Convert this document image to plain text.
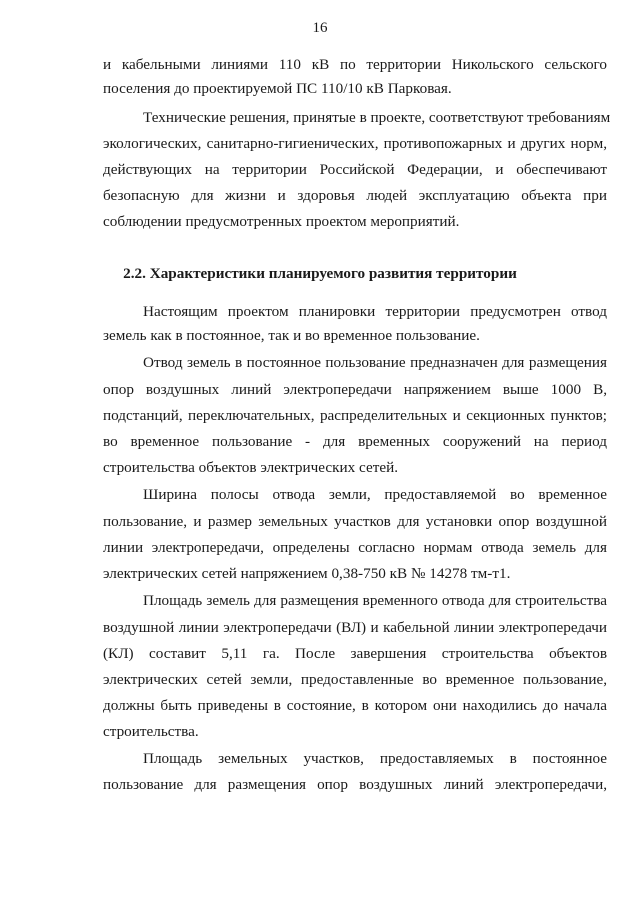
16
и кабельными линиями 110 кВ по территории Никольского сельского
поселения до проектируемой ПС 110/10 кВ Парковая.
Технические решения, принятые в проекте, соответствуют требованиям
экологических, санитарно-гигиенических, противопожарных и других норм,
действующих на территории Российской Федерации, и обеспечивают
безопасную для жизни и здоровья людей эксплуатацию объекта при
соблюдении предусмотренных проектом мероприятий.
2.2. Характеристики планируемого развития территории
Настоящим проектом планировки территории предусмотрен отвод
земель как в постоянное, так и во временное пользование.
Отвод земель в постоянное пользование предназначен для размещения
опор воздушных линий электропередачи напряжением выше 1000 В,
подстанций, переключательных, распределительных и секционных пунктов;
во временное пользование - для временных сооружений на период
строительства объектов электрических сетей.
Ширина полосы отвода земли, предоставляемой во временное
пользование, и размер земельных участков для установки опор воздушной
линии электропередачи, определены согласно нормам отвода земель для
электрических сетей напряжением 0,38-750 кВ № 14278 тм-т1.
Площадь земель для размещения временного отвода для строительства
воздушной линии электропередачи (ВЛ) и кабельной линии электропередачи
(КЛ) составит 5,11 га. После завершения строительства объектов
электрических сетей земли, предоставленные во временное пользование,
должны быть приведены в состояние, в котором они находились до начала
строительства.
Площадь земельных участков, предоставляемых в постоянное
пользование для размещения опор воздушных линий электропередачи,
